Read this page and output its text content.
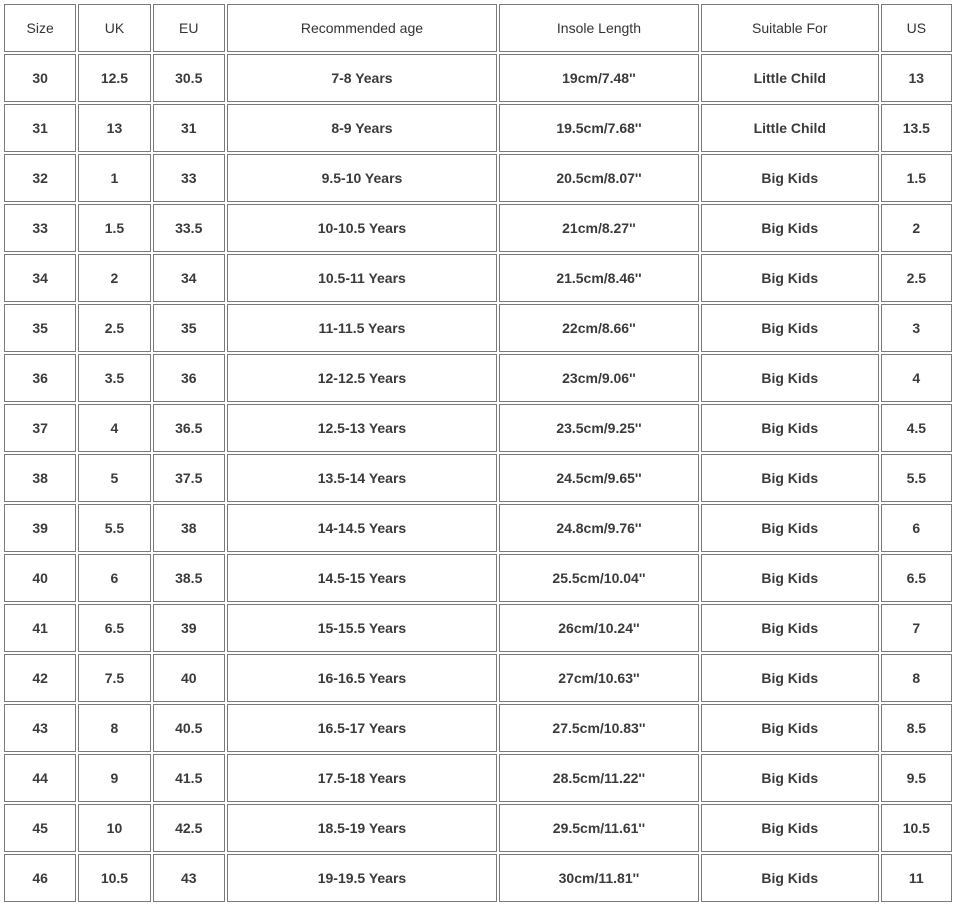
Size	UK	EU	Recommended age	Insole Length	Suitable For	US
30	12.5	30.5	7-8 Years	19cm/7.48''	Little Child	13
31	13	31	8-9 Years	19.5cm/7.68''	Little Child	13.5
32	1	33	9.5-10 Years	20.5cm/8.07''	Big Kids	1.5
33	1.5	33.5	10-10.5 Years	21cm/8.27''	Big Kids	2
34	2	34	10.5-11 Years	21.5cm/8.46''	Big Kids	2.5
35	2.5	35	11-11.5 Years	22cm/8.66''	Big Kids	3
36	3.5	36	12-12.5 Years	23cm/9.06''	Big Kids	4
37	4	36.5	12.5-13 Years	23.5cm/9.25''	Big Kids	4.5
38	5	37.5	13.5-14 Years	24.5cm/9.65''	Big Kids	5.5
39	5.5	38	14-14.5 Years	24.8cm/9.76''	Big Kids	6
40	6	38.5	14.5-15 Years	25.5cm/10.04''	Big Kids	6.5
41	6.5	39	15-15.5 Years	26cm/10.24''	Big Kids	7
42	7.5	40	16-16.5 Years	27cm/10.63''	Big Kids	8
43	8	40.5	16.5-17 Years	27.5cm/10.83''	Big Kids	8.5
44	9	41.5	17.5-18 Years	28.5cm/11.22''	Big Kids	9.5
45	10	42.5	18.5-19 Years	29.5cm/11.61''	Big Kids	10.5
46	10.5	43	19-19.5 Years	30cm/11.81''	Big Kids	11
